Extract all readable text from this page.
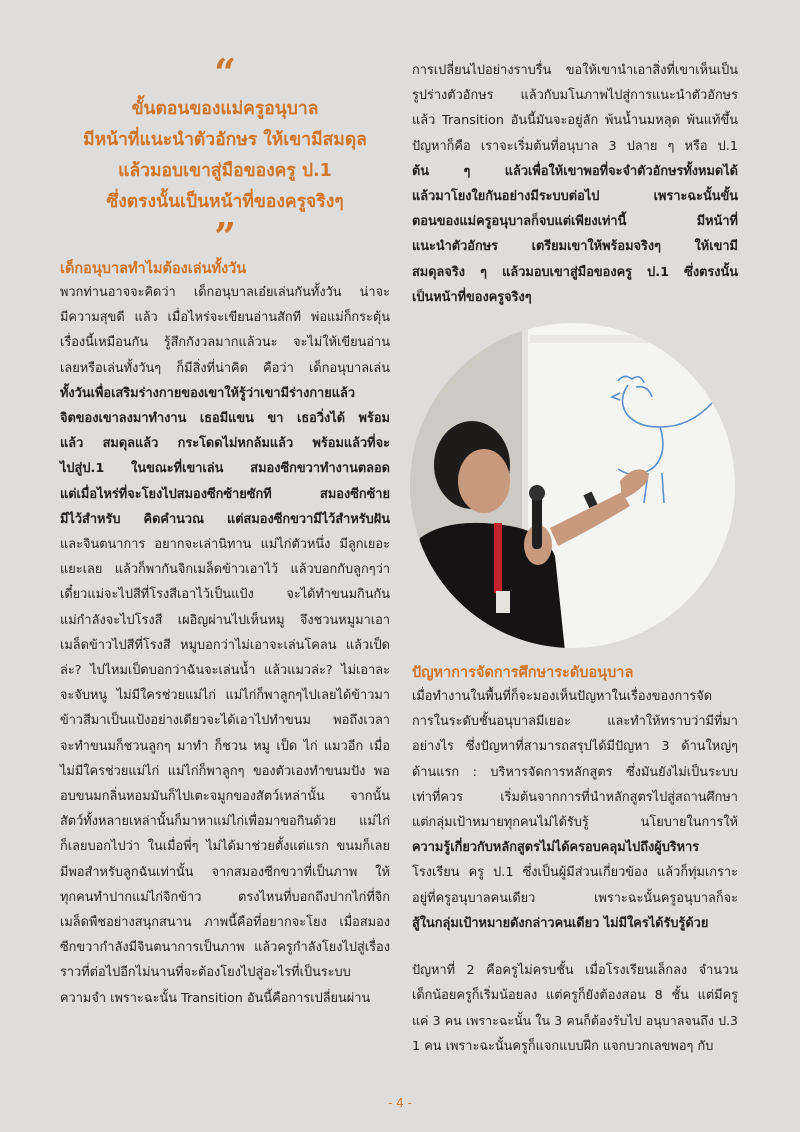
“

ขั้นตอนของแม่ครูอนุบาล

มีหน้าที่แนะนำตัวอักษร ให้เขามีสมดุล

แล้วมอบเขาสู่มือของครู ป.1

ซึ่งตรงนั้นเป็นหน้าที่ของครูจริงๆ

”
เด็กอนุบาลทำไมต้องเล่นทั้งวัน
พวกท่านอาจจะคิดว่า เด็กอนุบาลเอ๋ยเล่นกันทั้งวัน น่าจะ
มีความสุขดี แล้ว เมื่อไหร่จะเขียนอ่านสักที พ่อแม่ก็กระตุ้น
เรื่องนี้เหมือนกัน รู้สึกกังวลมากแล้วนะ จะไม่ให้เขียนอ่าน
เลยหรือเล่นทั้งวันๆ ก็มีสิ่งที่น่าคิด คือว่า เด็กอนุบาลเล่น
ทั้งวันเพื่อเสริมร่างกายของเขาให้รู้ว่าเขามีร่างกายแล้ว
จิตของเขาลงมาทำงาน เธอมีแขน ขา เธอวิ่งได้ พร้อม
แล้ว สมดุลแล้ว กระโดดไม่หกล้มแล้ว พร้อมแล้วที่จะ
ไปสู่ป.1 ในขณะที่เขาเล่น สมองซีกขวาทำงานตลอด
แต่เมื่อไหร่ที่จะโยงไปสมองซีกซ้ายซักที สมองซีกซ้าย
มีไว้สำหรับ คิดคำนวณ แต่สมองซีกขวามีไว้สำหรับฝัน
และจินตนาการ อยากจะเล่านิทาน แม่ไก่ตัวหนึ่ง มีลูกเยอะ
แยะเลย แล้วก็พากันจิกเมล็ดข้าวเอาไว้ แล้วบอกกับลูกๆว่า
เดี๋ยวแม่จะไปสีที่โรงสีเอาไว้เป็นแป้ง จะได้ทำขนมกินกัน
แม่กำลังจะไปโรงสี เผอิญผ่านไปเห็นหมู จึงชวนหมูมาเอา
เมล็ดข้าวไปสีที่โรงสี หมูบอกว่าไม่เอาจะเล่นโคลน แล้วเป็ด
ล่ะ? ไปไหมเป็ดบอกว่าฉันจะเล่นน้ำ แล้วแมวล่ะ? ไม่เอาละ
จะจับหนู ไม่มีใครช่วยแม่ไก่ แม่ไก่ก็พาลูกๆไปเลยได้ข้าวมา
ข้าวสีมาเป็นแป้งอย่างเดียวจะได้เอาไปทำขนม พอถึงเวลา
จะทำขนมก็ชวนลูกๆ มาทำ ก็ชวน หมู เป็ด ไก่ แมวอีก เมื่อ
ไม่มีใครช่วยแม่ไก่ แม่ไก่ก็พาลูกๆ ของตัวเองทำขนมปัง พอ
อบขนมกลิ่นหอมมันก็ไปเตะจมูกของสัตว์เหล่านั้น จากนั้น
สัตว์ทั้งหลายเหล่านั้นก็มาหาแม่ไก่เพื่อมาขอกินด้วย แม่ไก่
ก็เลยบอกไปว่า ในเมื่อพี่ๆ ไม่ได้มาช่วยตั้งแต่แรก ขนมก็เลย
มีพอสำหรับลูกฉันเท่านั้น จากสมองซีกขวาที่เป็นภาพ ให้
ทุกคนทำปากแม่ไก่จิกข้าว ตรงไหนที่บอกถึงปากไก่ที่จิก
เมล็ดพืชอย่างสนุกสนาน ภาพนี้คือที่อยากจะโยง เมื่อสมอง
ซีกขวากำลังมีจินตนาการเป็นภาพ แล้วครูกำลังโยงไปสู่เรื่อง
ราวที่ต่อไปอีกไม่นานที่จะต้องโยงไปสู่อะไรที่เป็นระบบ
ความจำ เพราะฉะนั้น Transition อันนี้คือการเปลี่ยนผ่าน
การเปลี่ยนไปอย่างราบรื่น ขอให้เขานำเอาสิ่งที่เขาเห็นเป็น
รูปร่างตัวอักษร แล้วกับมโนภาพไปสู่การแนะนำตัวอักษร
แล้ว Transition อันนี้มันจะอยู่ลัก พ้นน้ำนมหลุด พ้นแท้ขึ้น
ปัญหาก็คือ เราจะเริ่มต้นที่อนุบาล 3 ปลาย ๆ หรือ ป.1
ต้น ๆ แล้วเพื่อให้เขาพอที่จะจำตัวอักษรทั้งหมดได้
แล้วมาโยงใยกันอย่างมีระบบต่อไป เพราะฉะนั้นขั้น
ตอนของแม่ครูอนุบาลก็จบแต่เพียงเท่านี้ มีหน้าที่
แนะนำตัวอักษร เตรียมเขาให้พร้อมจริงๆ ให้เขามี
สมดุลจริง ๆ แล้วมอบเขาสู่มือของครู ป.1 ซึ่งตรงนั้น
เป็นหน้าที่ของครูจริงๆ
ปัญหาการจัดการศึกษาระดับอนุบาล
เมื่อทำงานในพื้นที่ก็จะมองเห็นปัญหาในเรื่องของการจัด
การในระดับชั้นอนุบาลมีเยอะ และทำให้ทราบว่ามีที่มา
อย่างไร ซึ่งปัญหาที่สามารถสรุปได้มีปัญหา 3 ด้านใหญ่ๆ
ด้านแรก : บริหารจัดการหลักสูตร ซึ่งมันยังไม่เป็นระบบ
เท่าที่ควร เริ่มต้นจากการที่นำหลักสูตรไปสู่สถานศึกษา
แต่กลุ่มเป้าหมายทุกคนไม่ได้รับรู้ นโยบายในการให้
ความรู้เกี่ยวกับหลักสูตรไม่ได้ครอบคลุมไปถึงผู้บริหาร
โรงเรียน ครู ป.1 ซึ่งเป็นผู้มีส่วนเกี่ยวข้อง แล้วก็ทุ่มเกราะ
อยู่ที่ครูอนุบาลคนเดียว เพราะฉะนั้นครูอนุบาลก็จะ
สู้ในกลุ่มเป้าหมายดังกล่าวคนเดียว ไม่มีใครได้รับรู้ด้วย
ปัญหาที่ 2 คือครูไม่ครบชั้น เมื่อโรงเรียนเล็กลง จำนวน
เด็กน้อยครูก็เริ่มน้อยลง แต่ครูก็ยังต้องสอน 8 ชั้น แต่มีครู
แค่ 3 คน เพราะฉะนั้น ใน 3 คนก็ต้องรับไป อนุบาลจนถึง ป.3
1 คน เพราะฉะนั้นครูก็แจกแบบฝึก แจกบวกเลขพอๆ กับ
- 4 -
